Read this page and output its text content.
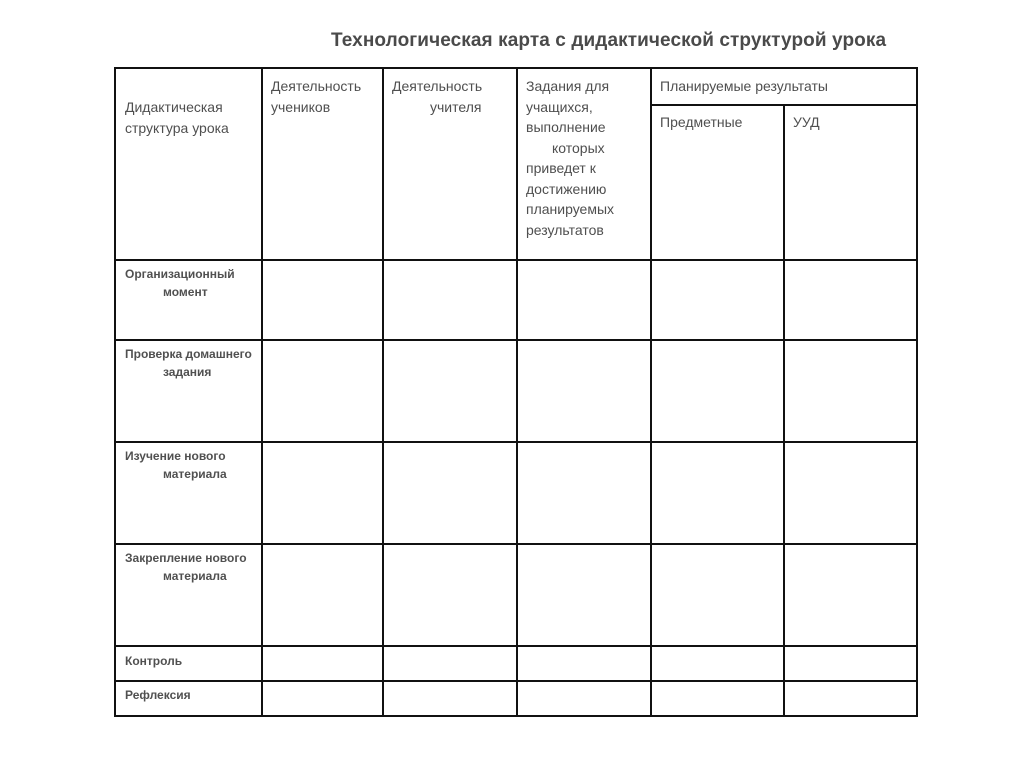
Технологическая карта с дидактической структурой урока
Дидактическая
структура урока
Деятельность
учеников
Деятельность
учителя
Задания для
учащихся,
выполнение
которых
приведет к
достижению
планируемых
результатов
Планируемые результаты
Предметные	УУД
Организационный
момент
Проверка домашнего
задания
Изучение нового
материала
Закрепление нового
материала
Контроль
Рефлексия
